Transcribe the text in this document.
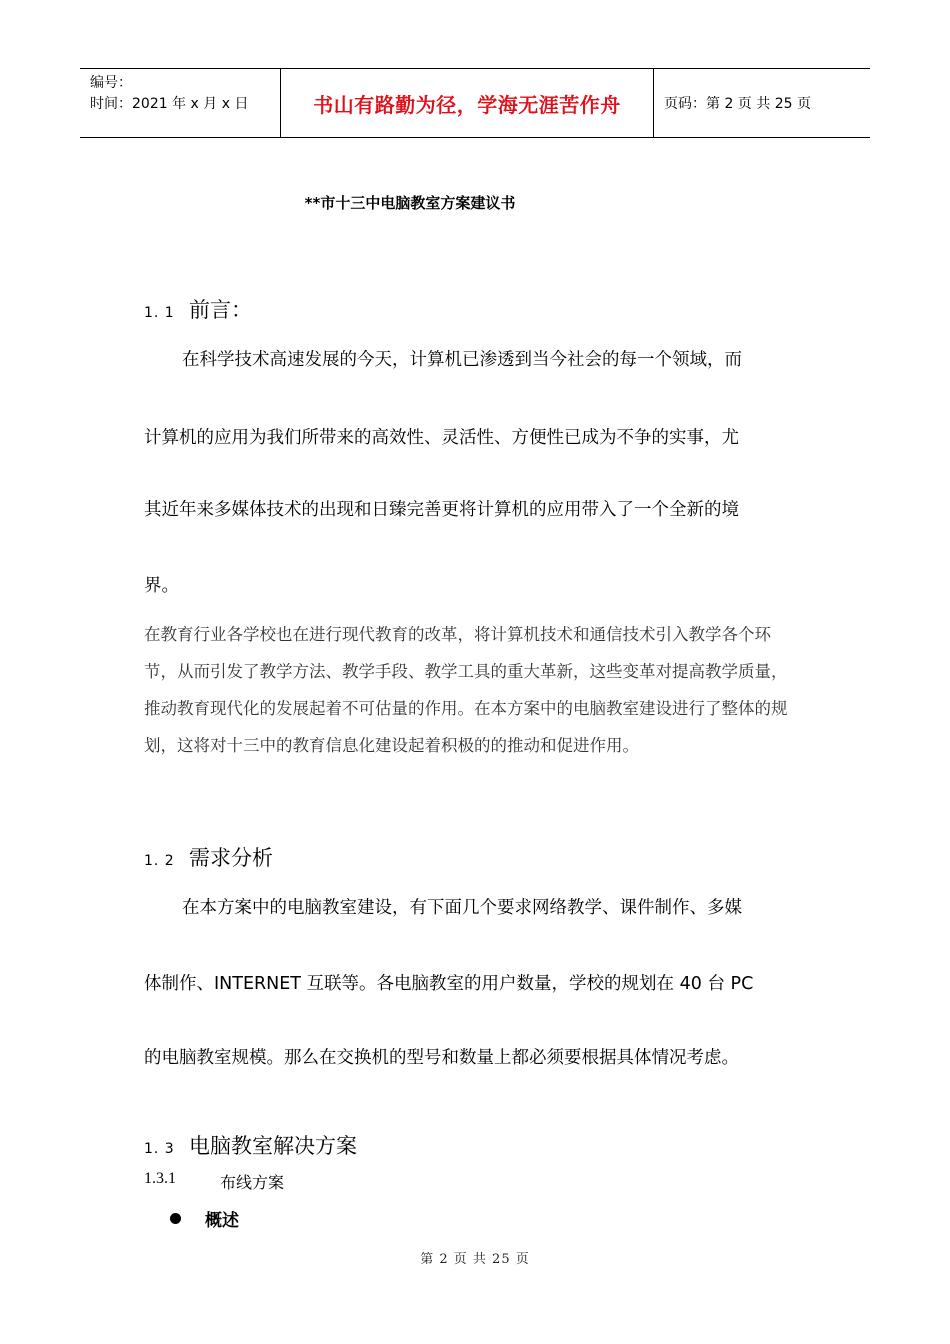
编号：
时间：2021 年 x 月 x 日	书山有路勤为径，学海无涯苦作舟	页码：第 2 页 共 25 页
**市十三中电脑教室方案建议书
1. 1 前言：
在科学技术高速发展的今天，计算机已渗透到当今社会的每一个领域，而
计算机的应用为我们所带来的高效性、灵活性、方便性已成为不争的实事，尤
其近年来多媒体技术的出现和日臻完善更将计算机的应用带入了一个全新的境
界。
在教育行业各学校也在进行现代教育的改革，将计算机技术和通信技术引入教学各个环节，从而引发了教学方法、教学手段、教学工具的重大革新，这些变革对提高教学质量，推动教育现代化的发展起着不可估量的作用。在本方案中的电脑教室建设进行了整体的规划，这将对十三中的教育信息化建设起着积极的的推动和促进作用。
1. 2 需求分析
在本方案中的电脑教室建设，有下面几个要求网络教学、课件制作、多媒
体制作、INTERNET 互联等。各电脑教室的用户数量，学校的规划在 40 台 PC
的电脑教室规模。那么在交换机的型号和数量上都必须要根据具体情况考虑。
1. 3 电脑教室解决方案
1.3.1	布线方案
概述
第 2 页 共 25 页
